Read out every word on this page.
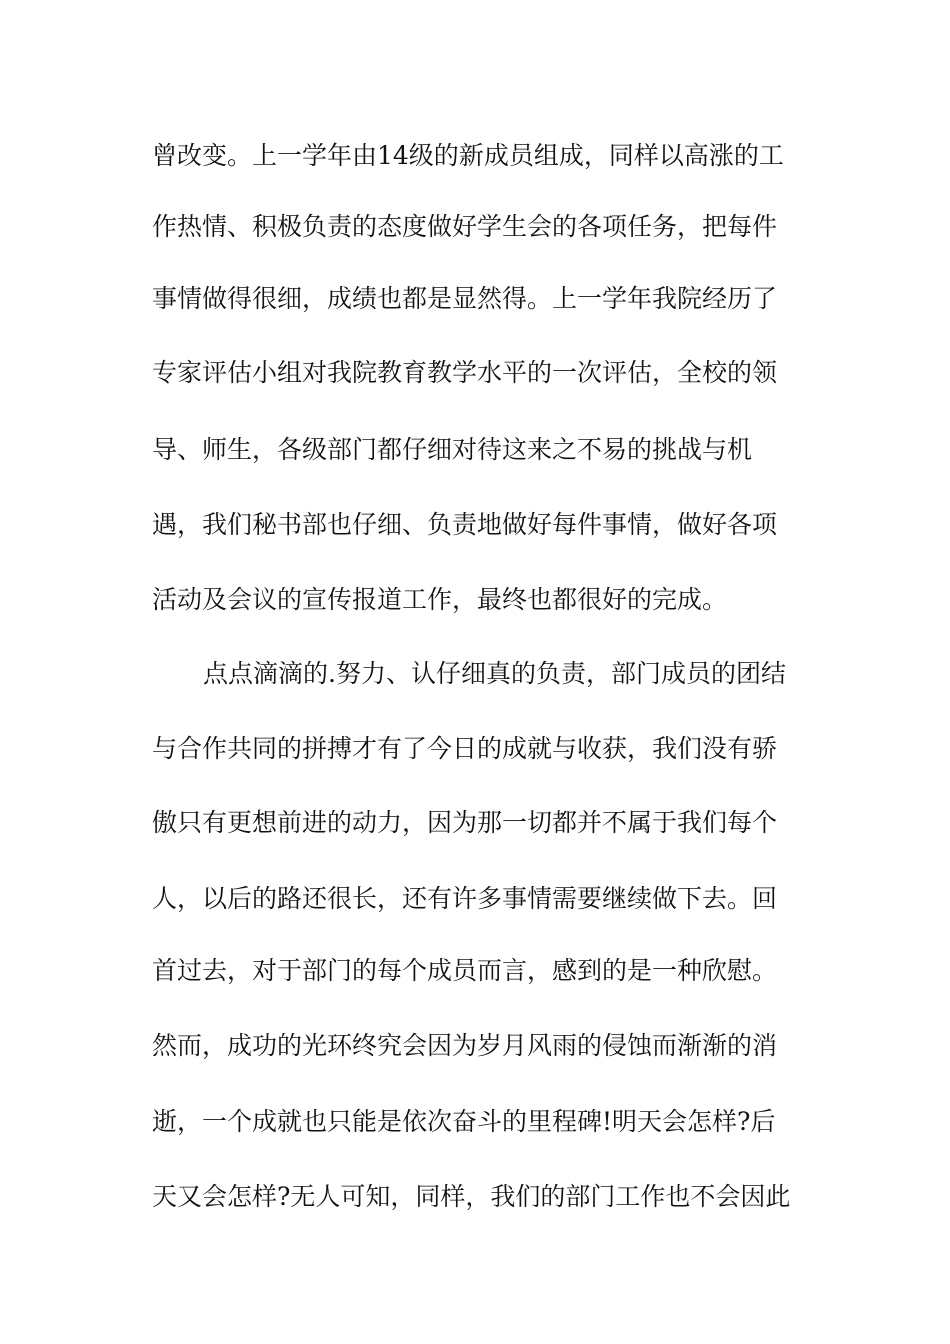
曾改变。上一学年由14级的新成员组成，同样以高涨的工
作热情、积极负责的态度做好学生会的各项任务，把每件
事情做得很细，成绩也都是显然得。上一学年我院经历了
专家评估小组对我院教育教学水平的一次评估，全校的领
导、师生，各级部门都仔细对待这来之不易的挑战与机
遇，我们秘书部也仔细、负责地做好每件事情，做好各项
活动及会议的宣传报道工作，最终也都很好的完成。
点点滴滴的.努力、认仔细真的负责，部门成员的团结
与合作共同的拼搏才有了今日的成就与收获，我们没有骄
傲只有更想前进的动力，因为那一切都并不属于我们每个
人，以后的路还很长，还有许多事情需要继续做下去。回
首过去，对于部门的每个成员而言，感到的是一种欣慰。
然而，成功的光环终究会因为岁月风雨的侵蚀而渐渐的消
逝，一个成就也只能是依次奋斗的里程碑!明天会怎样?后
天又会怎样?无人可知，同样，我们的部门工作也不会因此
